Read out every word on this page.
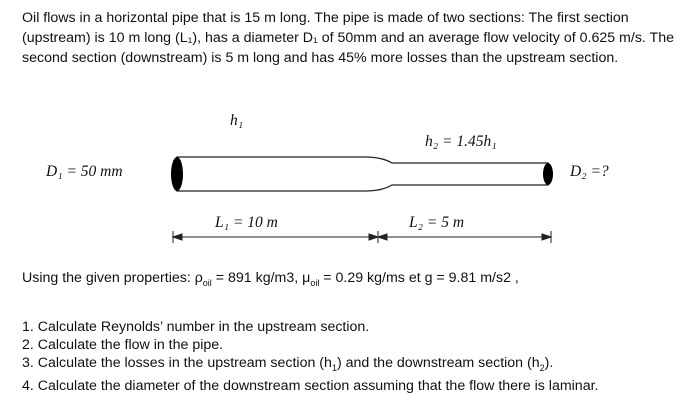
Oil flows in a horizontal pipe that is 15 m long. The pipe is made of two sections: The first section (upstream) is 10 m long (L₁), has a diameter D₁ of 50mm and an average flow velocity of 0.625 m/s. The second section (downstream) is 5 m long and has 45% more losses than the upstream section.

h₁
h₂ = 1.45h₁
D₁ = 50 mm	D₂ =?
L₁ = 10 m	L₂ = 5 m

Using the given properties: $\rho_{oil} = 891$ kg/m3, $\mu_{oil} = 0.29$ kg/ms et g = 9.81 m/s2 ,

1. Calculate Reynolds’ number in the upstream section.
2. Calculate the flow in the pipe.
3. Calculate the losses in the upstream section $(h_1)$ and the downstream section $(h_2)$.
4. Calculate the diameter of the downstream section assuming that the flow there is laminar.
